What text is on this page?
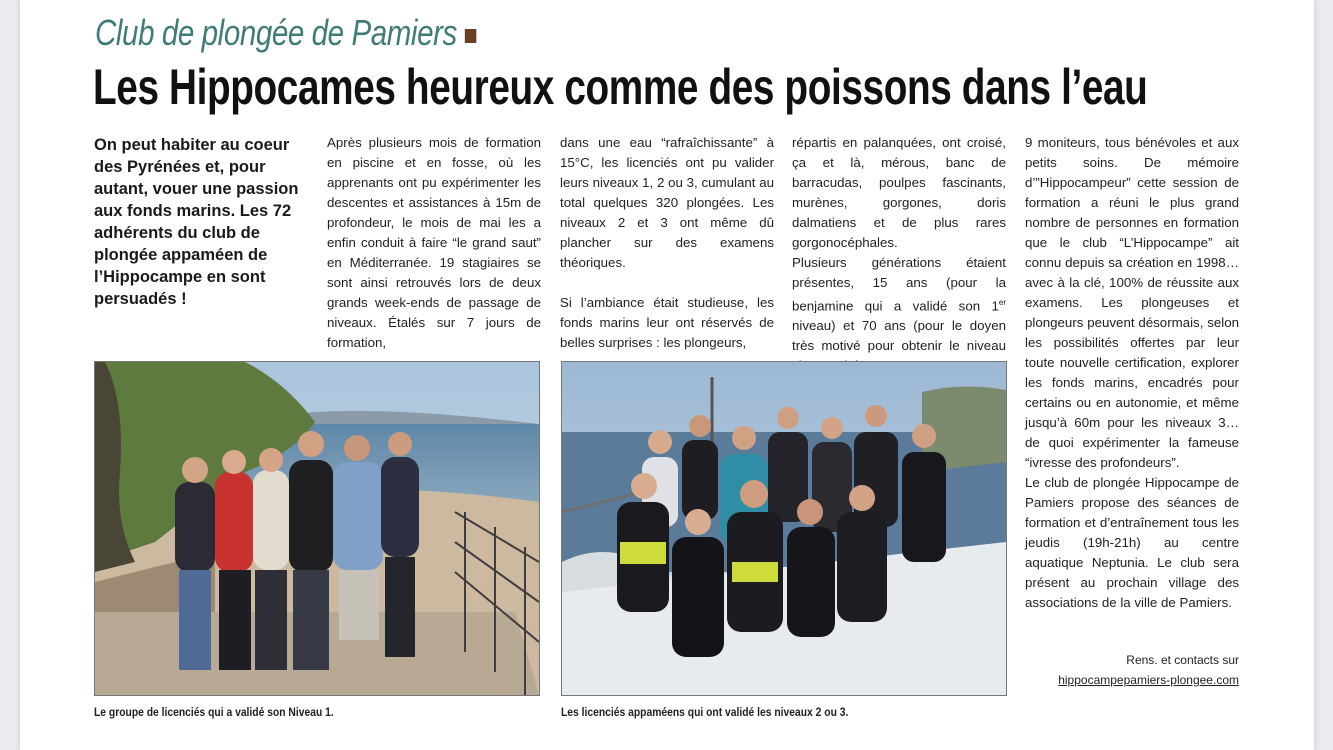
Club de plongée de Pamiers
Les Hippocames heureux comme des poissons dans l’eau
On peut habiter au coeur des Pyrénées et, pour autant, vouer une passion aux fonds marins. Les 72 adhérents du club de plongée appaméen de l’Hippocampe en sont persuadés !

Après plusieurs mois de formation en piscine et en fosse, où les apprenants ont pu expérimenter les descentes et assistances à 15m de profondeur, le mois de mai les a enfin conduit à faire “le grand saut” en Méditerranée. 19 stagiaires se sont ainsi retrouvés lors de deux grands week-ends de passage de niveaux. Étalés sur 7 jours de formation,

dans une eau “rafraîchissante” à 15°C, les licenciés ont pu valider leurs niveaux 1, 2 ou 3, cumulant au total quelques 320 plongées. Les niveaux 2 et 3 ont même dû plancher sur des examens théoriques.

Si l’ambiance était studieuse, les fonds marins leur ont réservés de belles surprises : les plongeurs,

répartis en palanquées, ont croisé, ça et là, mérous, banc de barracudas, poulpes fascinants, murènes, gorgones, doris dalmatiens et de plus rares gorgonocéphales.

Plusieurs générations étaient présentes, 15 ans (pour la benjamine qui a validé son 1er niveau) et 70 ans (pour le doyen très motivé pour obtenir le niveau

9 moniteurs, tous bénévoles et aux petits soins. De mémoire d’”Hippocampeur” cette session de formation a réuni le plus grand nombre de personnes en formation que le club “L’Hippocampe” ait connu depuis sa création en 1998… avec à la clé, 100% de réussite aux examens. Les plongeuses et plongeurs peuvent désormais, selon les possibilités offertes par leur toute nouvelle certification, explorer les fonds marins, encadrés pour certains ou en autonomie, et même jusqu’à 60m pour les niveaux 3… de quoi expérimenter la fameuse “ivresse des profondeurs”.

Le club de plongée Hippocampe de Pamiers propose des séances de formation et d’entraînement tous les jeudis (19h-21h) au centre aquatique Neptunia. Le club sera présent au prochain village des associations de la ville de Pamiers.

Le groupe de licenciés qui a validé son Niveau 1.	Les licenciés appaméens qui ont validé les niveaux 2 ou 3.
Rens. et contacts sur
hippocampepamiers-plongee.com
